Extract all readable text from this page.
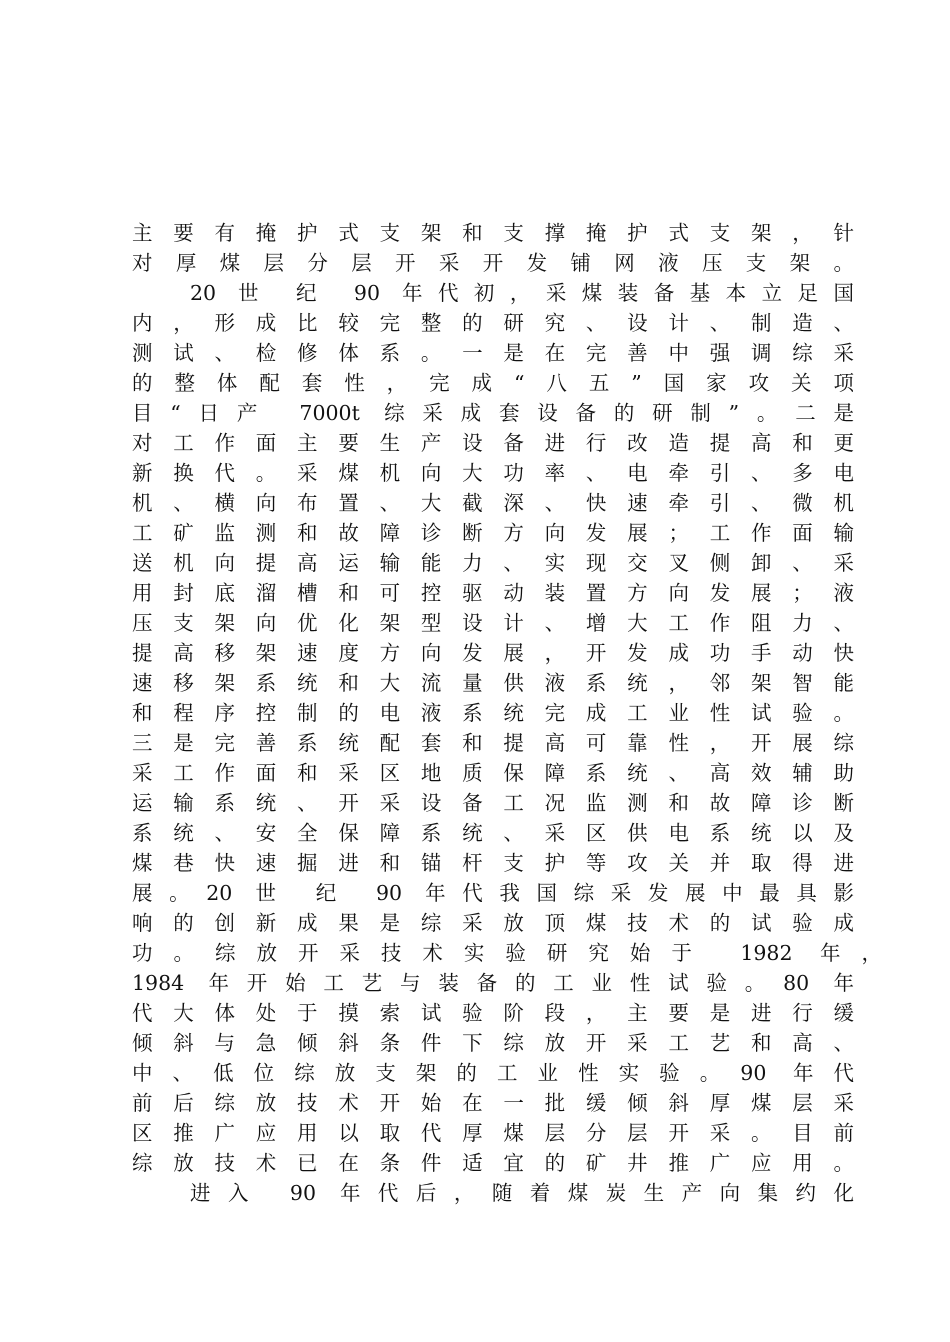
主要有掩护式支架和支撑掩护式支架，针
对厚煤层分层开采开发铺网液压支架。
20 世 纪 90 年代初，采煤装备基本立足国
内，形成比较完整的研究、设计、制造、
测试、检修体系。一是在完善中强调综采
的整体配套性，完成“八五”国家攻关项
目“日产 7000t 综采成套设备的研制”。二是
对工作面主要生产设备进行改造提高和更
新换代。采煤机向大功率、电牵引、多电
机、横向布置、大截深、快速牵引、微机
工矿监测和故障诊断方向发展；工作面输
送机向提高运输能力、实现交叉侧卸、采
用封底溜槽和可控驱动装置方向发展；液
压支架向优化架型设计、增大工作阻力、
提高移架速度方向发展，开发成功手动快
速移架系统和大流量供液系统，邻架智能
和程序控制的电液系统完成工业性试验。
三是完善系统配套和提高可靠性，开展综
采工作面和采区地质保障系统、高效辅助
运输系统、开采设备工况监测和故障诊断
系统、安全保障系统、采区供电系统以及
煤巷快速掘进和锚杆支护等攻关并取得进
展。20 世 纪 90 年代我国综采发展中最具影
响的创新成果是综采放顶煤技术的试验成
功。综放开采技术实验研究始于 1982 年，
1984 年开始工艺与装备的工业性试验。80 年
代大体处于摸索试验阶段，主要是进行缓
倾斜与急倾斜条件下综放开采工艺和高、
中、低位综放支架的工业性实验。90 年代
前后综放技术开始在一批缓倾斜厚煤层采
区推广应用以取代厚煤层分层开采。目前
综放技术已在条件适宜的矿井推广应用。
进入 90 年代后，随着煤炭生产向集约化
